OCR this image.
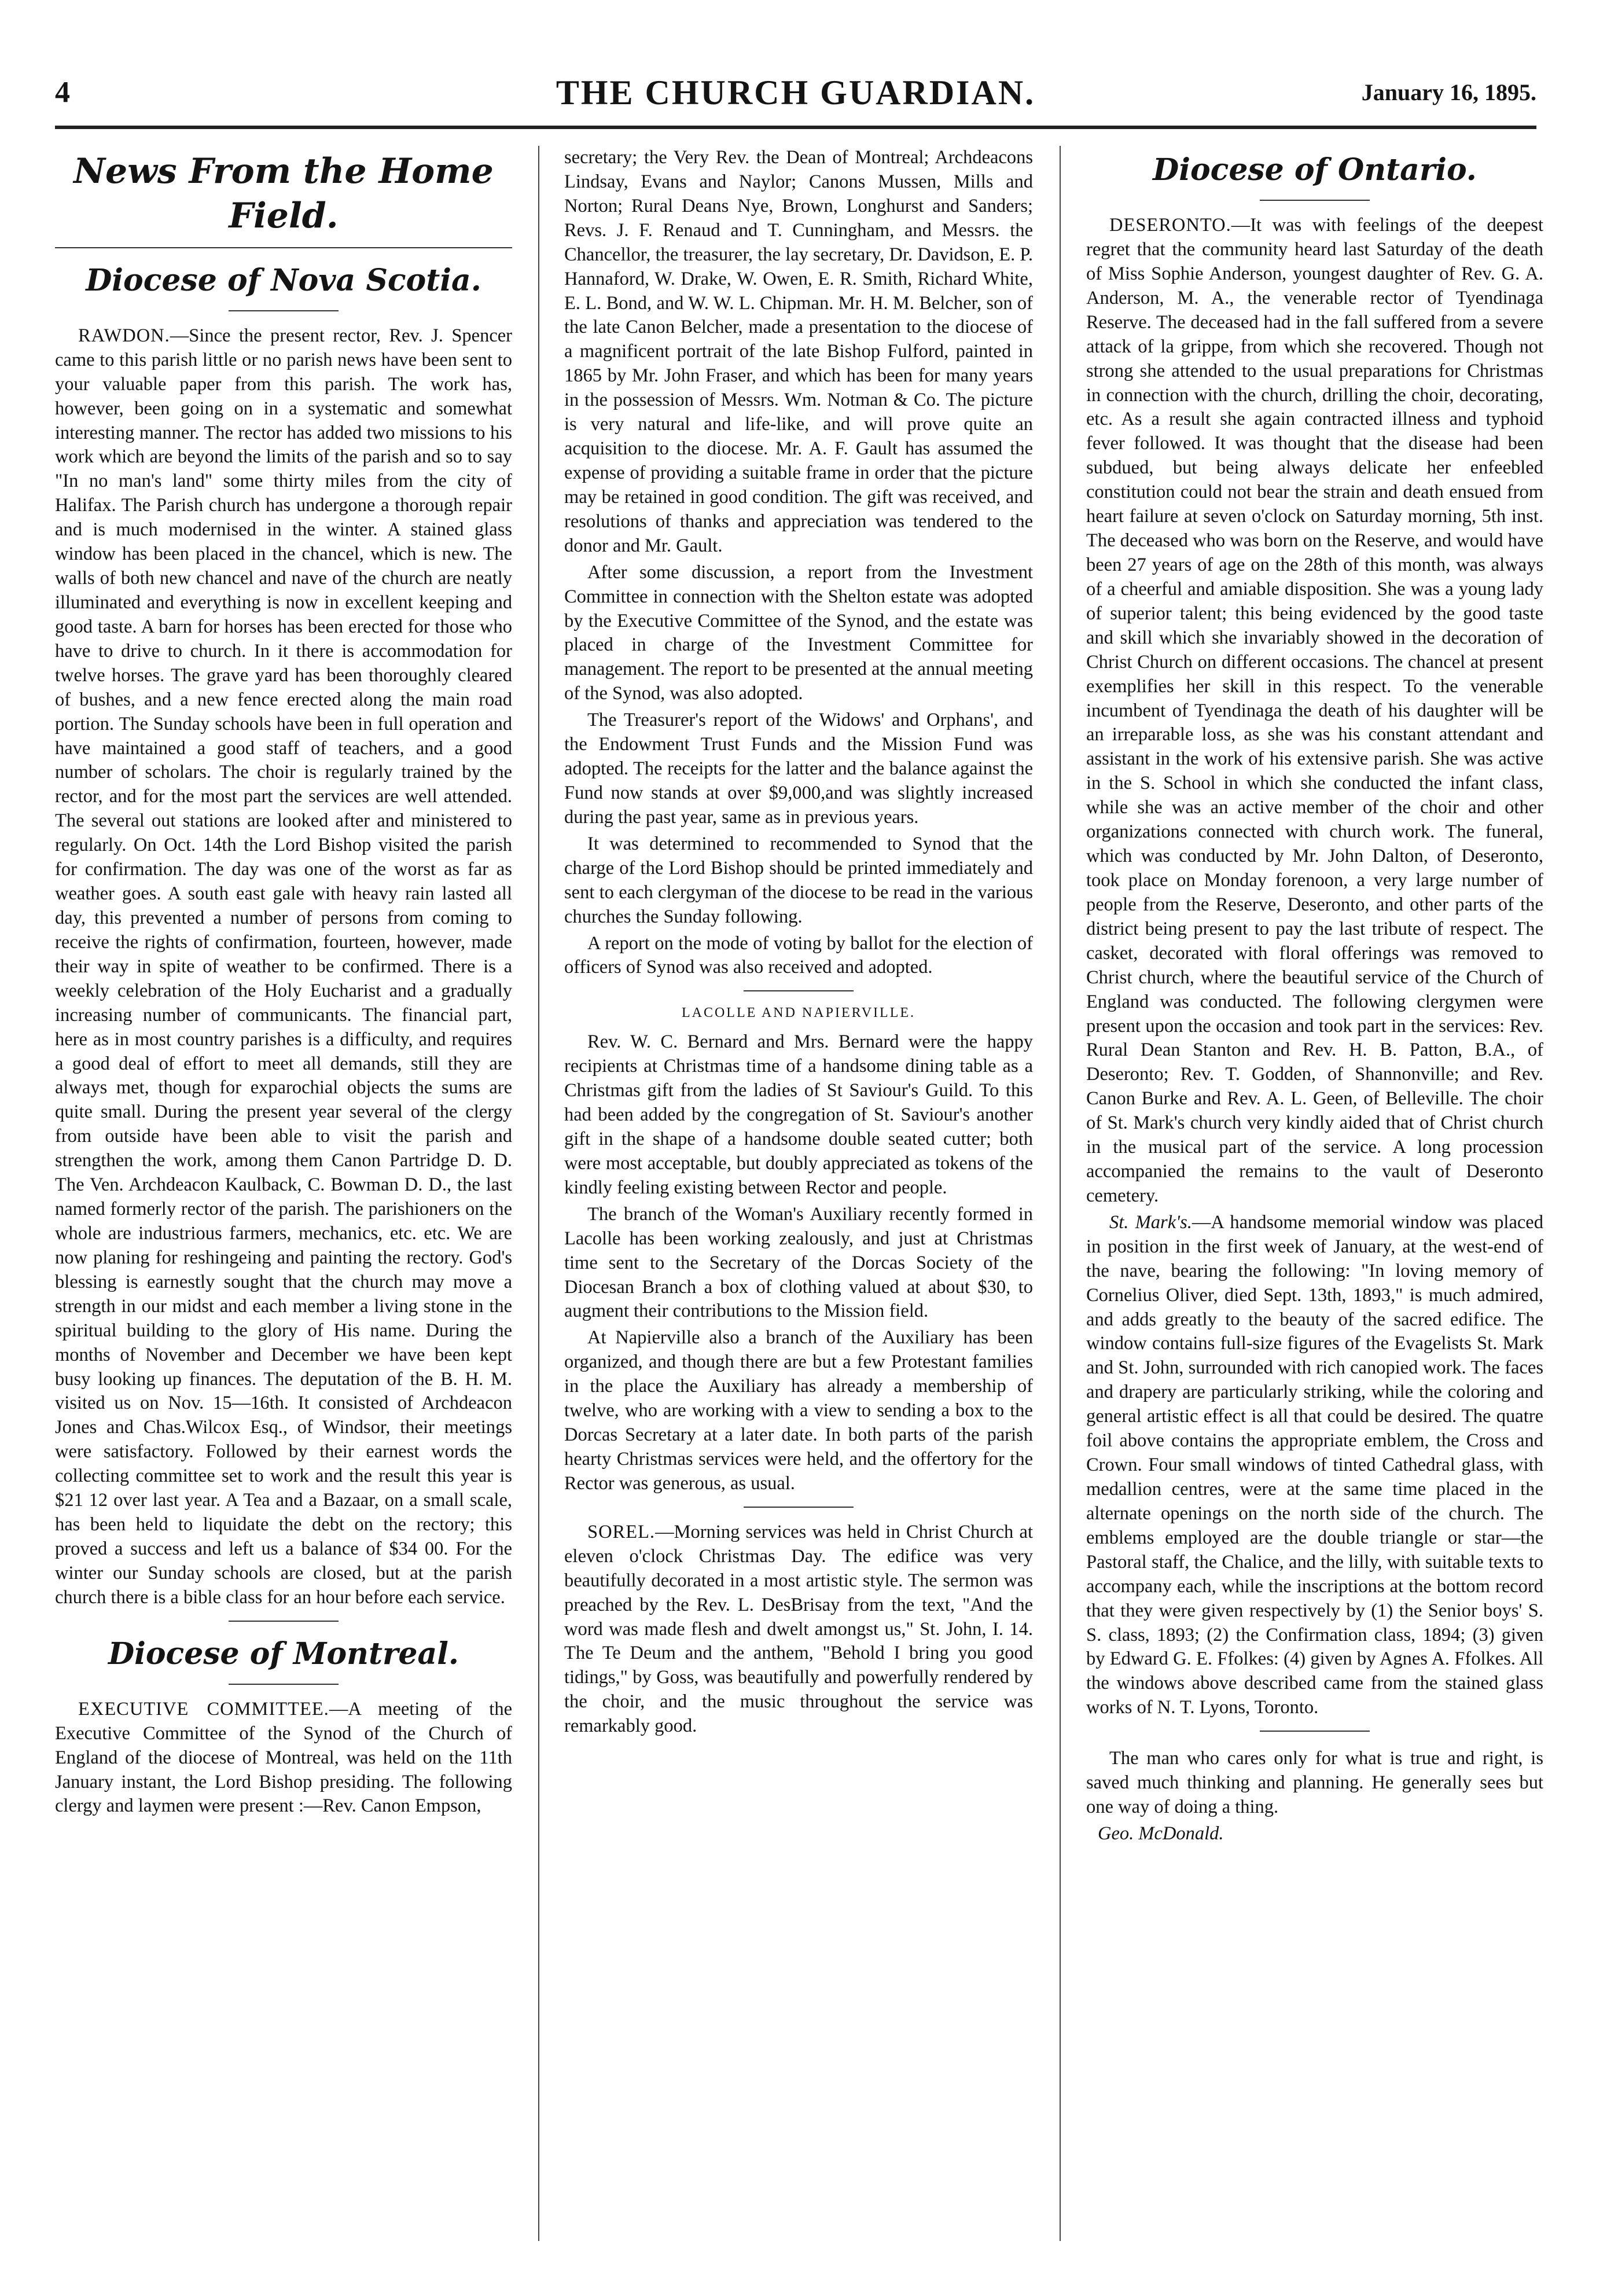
4	THE CHURCH GUARDIAN.	January 16, 1895.
News From the Home Field.
Diocese of Nova Scotia.

RAWDON.—Since the present rector, Rev. J. Spencer came to this parish little or no parish news have been sent to your valuable paper from this parish. The work has, however, been going on in a systematic and somewhat interesting manner. The rector has added two missions to his work which are beyond the limits of the parish and so to say "In no man's land" some thirty miles from the city of Halifax. The Parish church has undergone a thorough repair and is much modernised in the winter. A stained glass window has been placed in the chancel, which is new. The walls of both new chancel and nave of the church are neatly illuminated and everything is now in excellent keeping and good taste. A barn for horses has been erected for those who have to drive to church. In it there is accommodation for twelve horses. The grave yard has been thoroughly cleared of bushes, and a new fence erected along the main road portion. The Sunday schools have been in full operation and have maintained a good staff of teachers, and a good number of scholars. The choir is regularly trained by the rector, and for the most part the services are well attended. The several out stations are looked after and ministered to regularly. On Oct. 14th the Lord Bishop visited the parish for confirmation. The day was one of the worst as far as weather goes. A south east gale with heavy rain lasted all day, this prevented a number of persons from coming to receive the rights of confirmation, fourteen, however, made their way in spite of weather to be confirmed. There is a weekly celebration of the Holy Eucharist and a gradually increasing number of communicants. The financial part, here as in most country parishes is a difficulty, and requires a good deal of effort to meet all demands, still they are always met, though for exparochial objects the sums are quite small. During the present year several of the clergy from outside have been able to visit the parish and strengthen the work, among them Canon Partridge D. D. The Ven. Archdeacon Kaulback, C. Bowman D. D., the last named formerly rector of the parish. The parishioners on the whole are industrious farmers, mechanics, etc. etc. We are now planing for reshingeing and painting the rectory. God's blessing is earnestly sought that the church may move a strength in our midst and each member a living stone in the spiritual building to the glory of His name. During the months of November and December we have been kept busy looking up finances. The deputation of the B. H. M. visited us on Nov. 15—16th. It consisted of Archdeacon Jones and Chas.Wilcox Esq., of Windsor, their meetings were satisfactory. Followed by their earnest words the collecting committee set to work and the result this year is $21 12 over last year. A Tea and a Bazaar, on a small scale, has been held to liquidate the debt on the rectory; this proved a success and left us a balance of $34 00. For the winter our Sunday schools are closed, but at the parish church there is a bible class for an hour before each service.

Diocese of Montreal.

EXECUTIVE COMMITTEE.—A meeting of the Executive Committee of the Synod of the Church of England of the diocese of Montreal, was held on the 11th January instant, the Lord Bishop presiding. The following clergy and laymen were present :—Rev. Canon Empson,

secretary; the Very Rev. the Dean of Montreal; Archdeacons Lindsay, Evans and Naylor; Canons Mussen, Mills and Norton; Rural Deans Nye, Brown, Longhurst and Sanders; Revs. J. F. Renaud and T. Cunningham, and Messrs. the Chancellor, the treasurer, the lay secretary, Dr. Davidson, E. P. Hannaford, W. Drake, W. Owen, E. R. Smith, Richard White, E. L. Bond, and W. W. L. Chipman. Mr. H. M. Belcher, son of the late Canon Belcher, made a presentation to the diocese of a magnificent portrait of the late Bishop Fulford, painted in 1865 by Mr. John Fraser, and which has been for many years in the possession of Messrs. Wm. Notman & Co. The picture is very natural and life-like, and will prove quite an acquisition to the diocese. Mr. A. F. Gault has assumed the expense of providing a suitable frame in order that the picture may be retained in good condition. The gift was received, and resolutions of thanks and appreciation was tendered to the donor and Mr. Gault.

After some discussion, a report from the Investment Committee in connection with the Shelton estate was adopted by the Executive Committee of the Synod, and the estate was placed in charge of the Investment Committee for management. The report to be presented at the annual meeting of the Synod, was also adopted.

The Treasurer's report of the Widows' and Orphans', and the Endowment Trust Funds and the Mission Fund was adopted. The receipts for the latter and the balance against the Fund now stands at over $9,000,and was slightly increased during the past year, same as in previous years.

It was determined to recommended to Synod that the charge of the Lord Bishop should be printed immediately and sent to each clergyman of the diocese to be read in the various churches the Sunday following.

A report on the mode of voting by ballot for the election of officers of Synod was also received and adopted.

LACOLLE AND NAPIERVILLE.

Rev. W. C. Bernard and Mrs. Bernard were the happy recipients at Christmas time of a handsome dining table as a Christmas gift from the ladies of St Saviour's Guild. To this had been added by the congregation of St. Saviour's another gift in the shape of a handsome double seated cutter; both were most acceptable, but doubly appreciated as tokens of the kindly feeling existing between Rector and people.

The branch of the Woman's Auxiliary recently formed in Lacolle has been working zealously, and just at Christmas time sent to the Secretary of the Dorcas Society of the Diocesan Branch a box of clothing valued at about $30, to augment their contributions to the Mission field.

At Napierville also a branch of the Auxiliary has been organized, and though there are but a few Protestant families in the place the Auxiliary has already a membership of twelve, who are working with a view to sending a box to the Dorcas Secretary at a later date. In both parts of the parish hearty Christmas services were held, and the offertory for the Rector was generous, as usual.

SOREL.—Morning services was held in Christ Church at eleven o'clock Christmas Day. The edifice was very beautifully decorated in a most artistic style. The sermon was preached by the Rev. L. DesBrisay from the text, "And the word was made flesh and dwelt amongst us," St. John, I. 14. The Te Deum and the anthem, "Behold I bring you good tidings," by Goss, was beautifully and powerfully rendered by the choir, and the music throughout the service was remarkably good.

Diocese of Ontario.

DESERONTO.—It was with feelings of the deepest regret that the community heard last Saturday of the death of Miss Sophie Anderson, youngest daughter of Rev. G. A. Anderson, M. A., the venerable rector of Tyendinaga Reserve. The deceased had in the fall suffered from a severe attack of la grippe, from which she recovered. Though not strong she attended to the usual preparations for Christmas in connection with the church, drilling the choir, decorating, etc. As a result she again contracted illness and typhoid fever followed. It was thought that the disease had been subdued, but being always delicate her enfeebled constitution could not bear the strain and death ensued from heart failure at seven o'clock on Saturday morning, 5th inst. The deceased who was born on the Reserve, and would have been 27 years of age on the 28th of this month, was always of a cheerful and amiable disposition. She was a young lady of superior talent; this being evidenced by the good taste and skill which she invariably showed in the decoration of Christ Church on different occasions. The chancel at present exemplifies her skill in this respect. To the venerable incumbent of Tyendinaga the death of his daughter will be an irreparable loss, as she was his constant attendant and assistant in the work of his extensive parish. She was active in the S. School in which she conducted the infant class, while she was an active member of the choir and other organizations connected with church work. The funeral, which was conducted by Mr. John Dalton, of Deseronto, took place on Monday forenoon, a very large number of people from the Reserve, Deseronto, and other parts of the district being present to pay the last tribute of respect. The casket, decorated with floral offerings was removed to Christ church, where the beautiful service of the Church of England was conducted. The following clergymen were present upon the occasion and took part in the services: Rev. Rural Dean Stanton and Rev. H. B. Patton, B.A., of Deseronto; Rev. T. Godden, of Shannonville; and Rev. Canon Burke and Rev. A. L. Geen, of Belleville. The choir of St. Mark's church very kindly aided that of Christ church in the musical part of the service. A long procession accompanied the remains to the vault of Deseronto cemetery.

St. Mark's.—A handsome memorial window was placed in position in the first week of January, at the west-end of the nave, bearing the following: "In loving memory of Cornelius Oliver, died Sept. 13th, 1893," is much admired, and adds greatly to the beauty of the sacred edifice. The window contains full-size figures of the Evagelists St. Mark and St. John, surrounded with rich canopied work. The faces and drapery are particularly striking, while the coloring and general artistic effect is all that could be desired. The quatre foil above contains the appropriate emblem, the Cross and Crown. Four small windows of tinted Cathedral glass, with medallion centres, were at the same time placed in the alternate openings on the north side of the church. The emblems employed are the double triangle or star—the Pastoral staff, the Chalice, and the lilly, with suitable texts to accompany each, while the inscriptions at the bottom record that they were given respectively by (1) the Senior boys' S. S. class, 1893; (2) the Confirmation class, 1894; (3) given by Edward G. E. Ffolkes: (4) given by Agnes A. Ffolkes. All the windows above described came from the stained glass works of N. T. Lyons, Toronto.

The man who cares only for what is true and right, is saved much thinking and planning. He generally sees but one way of doing a thing.

Geo. McDonald.
